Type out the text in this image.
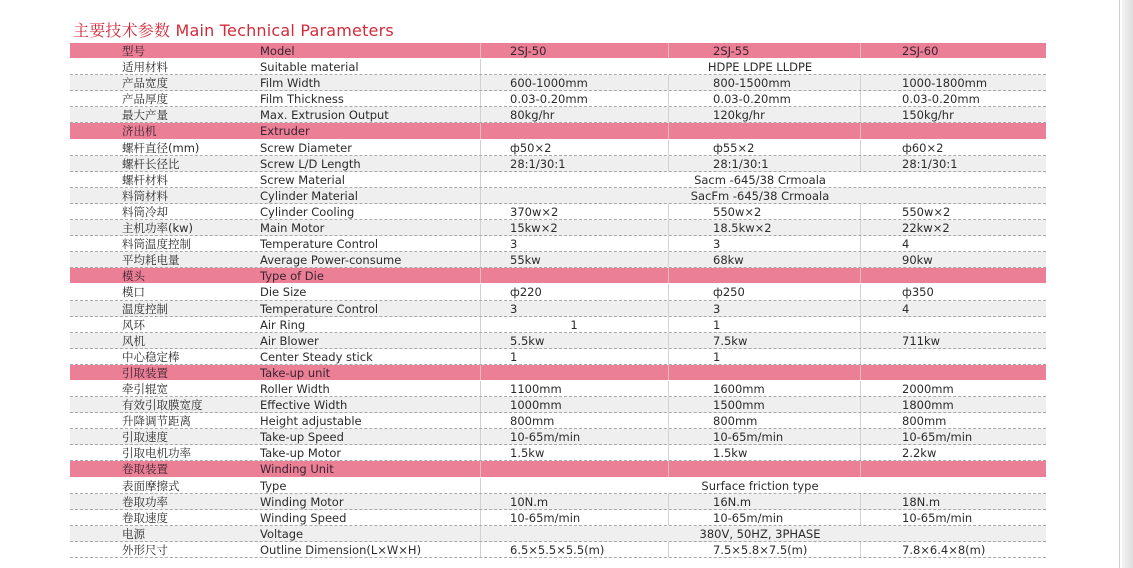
主要技术参数 Main Technical Parameters
型号	Model	2SJ-50	2SJ-55	2SJ-60
适用材料	Suitable material	HDPE LDPE LLDPE
产品宽度	Film Width	600-1000mm	800-1500mm	1000-1800mm
产品厚度	Film Thickness	0.03-0.20mm	0.03-0.20mm	0.03-0.20mm
最大产量	Max. Extrusion Output	80kg/hr	120kg/hr	150kg/hr
济出机	Extruder
螺杆直径(mm)	Screw Diameter	ф50×2	ф55×2	ф60×2
螺杆长径比	Screw L/D Length	28:1/30:1	28:1/30:1	28:1/30:1
螺杆材料	Screw Material	Sacm -645/38 Crmoala
料筒材料	Cylinder Material	SacFm -645/38 Crmoala
料筒冷却	Cylinder Cooling	370w×2	550w×2	550w×2
主机功率(kw)	Main Motor	15kw×2	18.5kw×2	22kw×2
料筒温度控制	Temperature Control	3	3	4
平均耗电量	Average Power-consume	55kw	68kw	90kw
模头	Type of Die
模口	Die Size	ф220	ф250	ф350
温度控制	Temperature Control	3	3	4
风环	Air Ring	1	1
风机	Air Blower	5.5kw	7.5kw	711kw
中心稳定棒	Center Steady stick	1	1
引取装置	Take-up unit
牵引辊宽	Roller Width	1100mm	1600mm	2000mm
有效引取膜宽度	Effective Width	1000mm	1500mm	1800mm
升降调节距离	Height adjustable	800mm	800mm	800mm
引取速度	Take-up Speed	10-65m/min	10-65m/min	10-65m/min
引取电机功率	Take-up Motor	1.5kw	1.5kw	2.2kw
卷取装置	Winding Unit
表面摩擦式	Type	Surface friction type
卷取功率	Winding Motor	10N.m	16N.m	18N.m
卷取速度	Winding Speed	10-65m/min	10-65m/min	10-65m/min
电源	Voltage	380V, 50HZ, 3PHASE
外形尺寸	Outline Dimension(L×W×H)	6.5×5.5×5.5(m)	7.5×5.8×7.5(m)	7.8×6.4×8(m)
